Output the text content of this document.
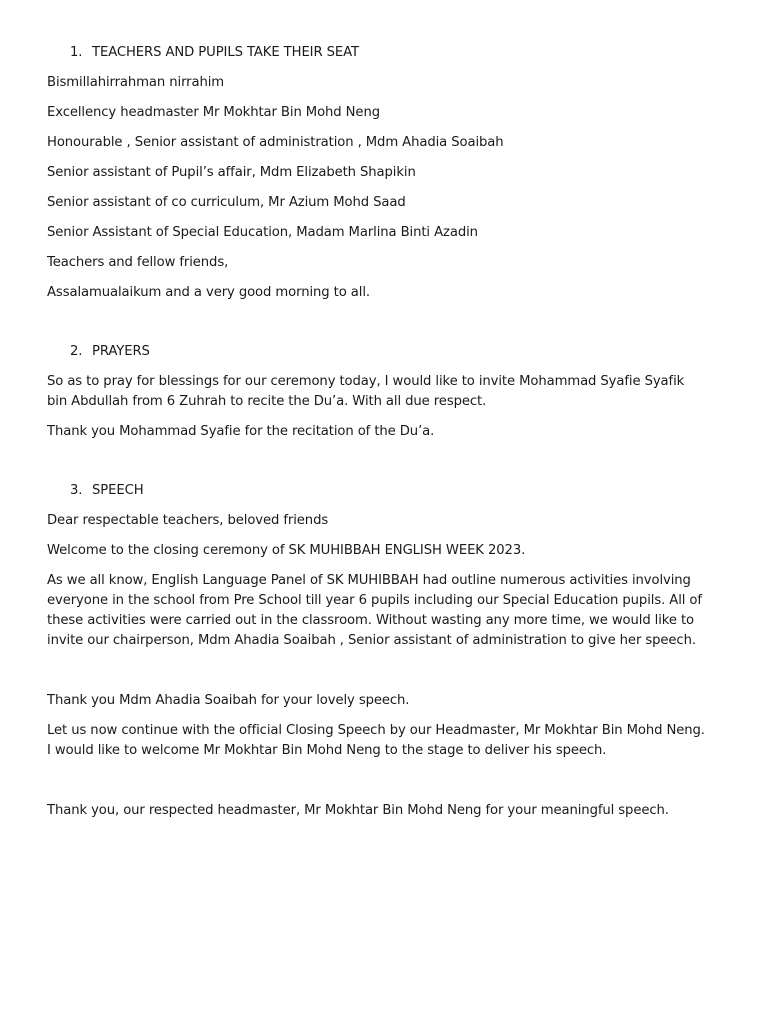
1. TEACHERS AND PUPILS TAKE THEIR SEAT
Bismillahirrahman nirrahim
Excellency headmaster Mr Mokhtar Bin Mohd Neng
Honourable , Senior assistant of administration , Mdm Ahadia Soaibah
Senior assistant of Pupil’s affair, Mdm Elizabeth Shapikin
Senior assistant of co curriculum, Mr Azium Mohd Saad
Senior Assistant of Special Education, Madam Marlina Binti Azadin
Teachers and fellow friends,
Assalamualaikum and a very good morning to all.
2. PRAYERS
So as to pray for blessings for our ceremony today, I would like to invite Mohammad Syafie Syafik
bin Abdullah from 6 Zuhrah to recite the Du’a. With all due respect.
Thank you Mohammad Syafie for the recitation of the Du’a.
3. SPEECH
Dear respectable teachers, beloved friends
Welcome to the closing ceremony of SK MUHIBBAH ENGLISH WEEK 2023.
As we all know, English Language Panel of SK MUHIBBAH had outline numerous activities involving
everyone in the school from Pre School till year 6 pupils including our Special Education pupils. All of
these activities were carried out in the classroom. Without wasting any more time, we would like to
invite our chairperson, Mdm Ahadia Soaibah , Senior assistant of administration to give her speech.
Thank you Mdm Ahadia Soaibah for your lovely speech.
Let us now continue with the official Closing Speech by our Headmaster, Mr Mokhtar Bin Mohd Neng.
I would like to welcome Mr Mokhtar Bin Mohd Neng to the stage to deliver his speech.
Thank you, our respected headmaster, Mr Mokhtar Bin Mohd Neng for your meaningful speech.
